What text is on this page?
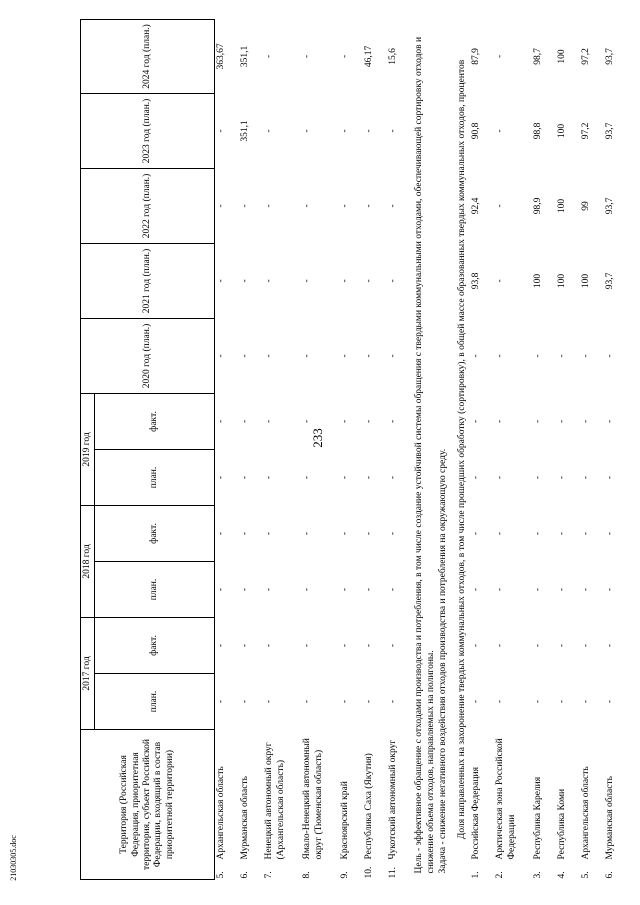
233
21030305.doc
Территория (Российская Федерация, приоритетная территория, субъект Российской Федерации, входящий в состав приоритетной территории)		2017 год		2018 год		2019 год		2020 год (план.)	2021 год (план.)	2022 год (план.)	2023 год (план.)	2024 год (план.)
		план.	факт.	план.	факт.	план.	факт.					
5.	Архангельская область	-	-	-	-	-	-	-	-	-	-	363,67
6.	Мурманская область	-	-	-	-	-	-	-	-	-	351,1	351,1
7.	Ненецкий автономный округ (Архангельская область)	-	-	-	-	-	-	-	-	-	-	-
8.	Ямало-Ненецкий автономный округ (Тюменская область)	-	-	-	-	-	-	-	-	-	-	-
9.	Красноярский край	-	-	-	-	-	-	-	-	-	-	-
10.	Республика Саха (Якутия)	-	-	-	-	-	-	-	-	-	-	46,17
11.	Чукотский автономный округ	-	-	-	-	-	-	-	-	-	-	15,6

Цель - эффективное обращение с отходами производства и потребления, в том числе создание устойчивой системы обращения с твердыми коммунальными отходами, обеспечивающей сортировку отходов и снижение объема отходов, направляемых на полигоны. Задача - снижение негативного воздействия отходов производства и потребления на окружающую среду.												

Доля направленных на захоронение твердых коммунальных отходов, в том числе прошедших обработку (сортировку), в общей массе образованных твердых коммунальных отходов, процентов												
1.	Российская Федерация	-	-	-	-	-	-	-	93,8	92,4	90,8	87,9
2.	Арктическая зона Российской Федерации	-	-	-	-	-	-	-	-	-	-	-
3.	Республика Карелия	-	-	-	-	-	-	-	100	98,9	98,8	98,7
4.	Республика Коми	-	-	-	-	-	-	-	100	100	100	100
5.	Архангельская область	-	-	-	-	-	-	-	100	99	97,2	97,2
6.	Мурманская область	-	-	-	-	-	-	-	93,7	93,7	93,7	93,7
